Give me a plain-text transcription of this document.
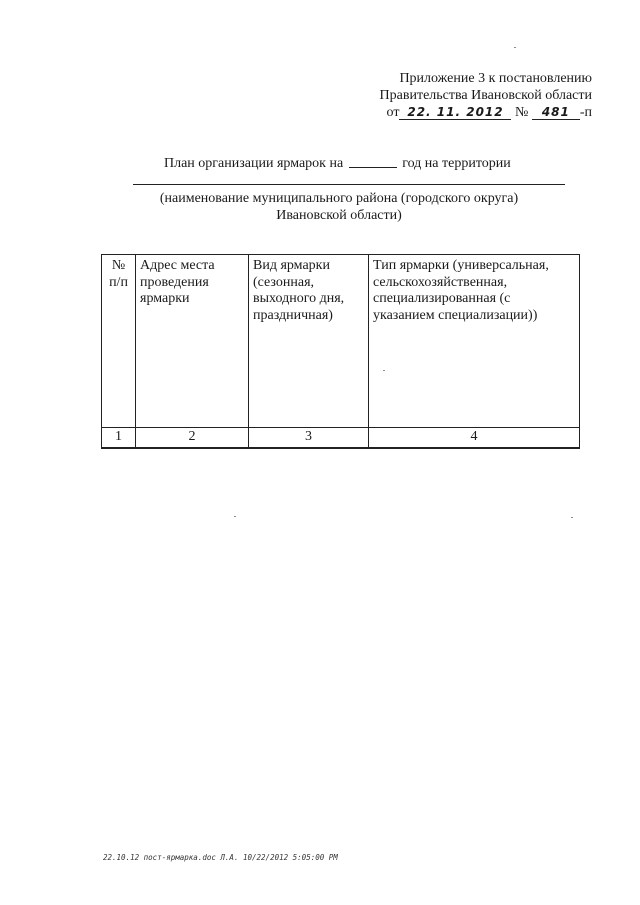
Приложение 3 к постановлению
Правительства Ивановской области
от 22. 11. 2012 № 481 -п
План организации ярмарок на	год на территории
(наименование муниципального района (городского округа)
Ивановской области)
№ п/п	Адрес места проведения ярмарки	Вид ярмарки (сезонная, выходного дня, праздничная)	Тип ярмарки (универсальная, сельскохозяйственная, специализированная (с указанием специализации))
1	2	3	4
22.10.12 пост-ярмарка.doc Л.А. 10/22/2012 5:05:00 PM
